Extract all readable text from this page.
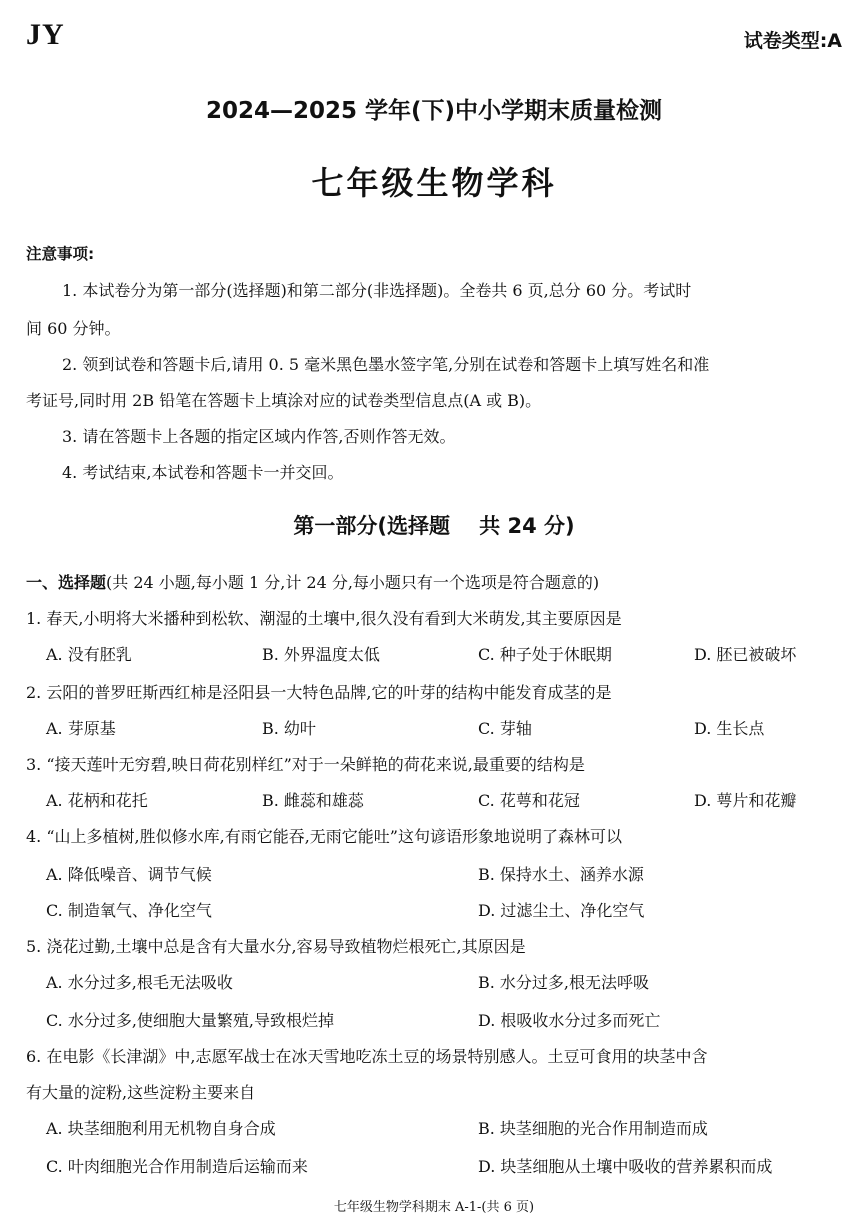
JY	试卷类型:A
2024—2025 学年(下)中小学期末质量检测
七年级生物学科
注意事项:
1. 本试卷分为第一部分(选择题)和第二部分(非选择题)。全卷共 6 页,总分 60 分。考试时
间 60 分钟。
2. 领到试卷和答题卡后,请用 0. 5 毫米黑色墨水签字笔,分别在试卷和答题卡上填写姓名和准
考证号,同时用 2B 铅笔在答题卡上填涂对应的试卷类型信息点(A 或 B)。
3. 请在答题卡上各题的指定区域内作答,否则作答无效。
4. 考试结束,本试卷和答题卡一并交回。
第一部分(选择题    共 24 分)
一、选择题(共 24 小题,每小题 1 分,计 24 分,每小题只有一个选项是符合题意的)
1. 春天,小明将大米播种到松软、潮湿的土壤中,很久没有看到大米萌发,其主要原因是
A. 没有胚乳	B. 外界温度太低	C. 种子处于休眠期	D. 胚已被破坏
2. 云阳的普罗旺斯西红柿是泾阳县一大特色品牌,它的叶芽的结构中能发育成茎的是
A. 芽原基	B. 幼叶	C. 芽轴	D. 生长点
3. “接天莲叶无穷碧,映日荷花别样红”对于一朵鲜艳的荷花来说,最重要的结构是
A. 花柄和花托	B. 雌蕊和雄蕊	C. 花萼和花冠	D. 萼片和花瓣
4. “山上多植树,胜似修水库,有雨它能吞,无雨它能吐”这句谚语形象地说明了森林可以
A. 降低噪音、调节气候	B. 保持水土、涵养水源
C. 制造氧气、净化空气	D. 过滤尘土、净化空气
5. 浇花过勤,土壤中总是含有大量水分,容易导致植物烂根死亡,其原因是
A. 水分过多,根毛无法吸收	B. 水分过多,根无法呼吸
C. 水分过多,使细胞大量繁殖,导致根烂掉	D. 根吸收水分过多而死亡
6. 在电影《长津湖》中,志愿军战士在冰天雪地吃冻土豆的场景特别感人。土豆可食用的块茎中含
有大量的淀粉,这些淀粉主要来自
A. 块茎细胞利用无机物自身合成	B. 块茎细胞的光合作用制造而成
C. 叶肉细胞光合作用制造后运输而来	D. 块茎细胞从土壤中吸收的营养累积而成
七年级生物学科期末 A-1-(共 6 页)
